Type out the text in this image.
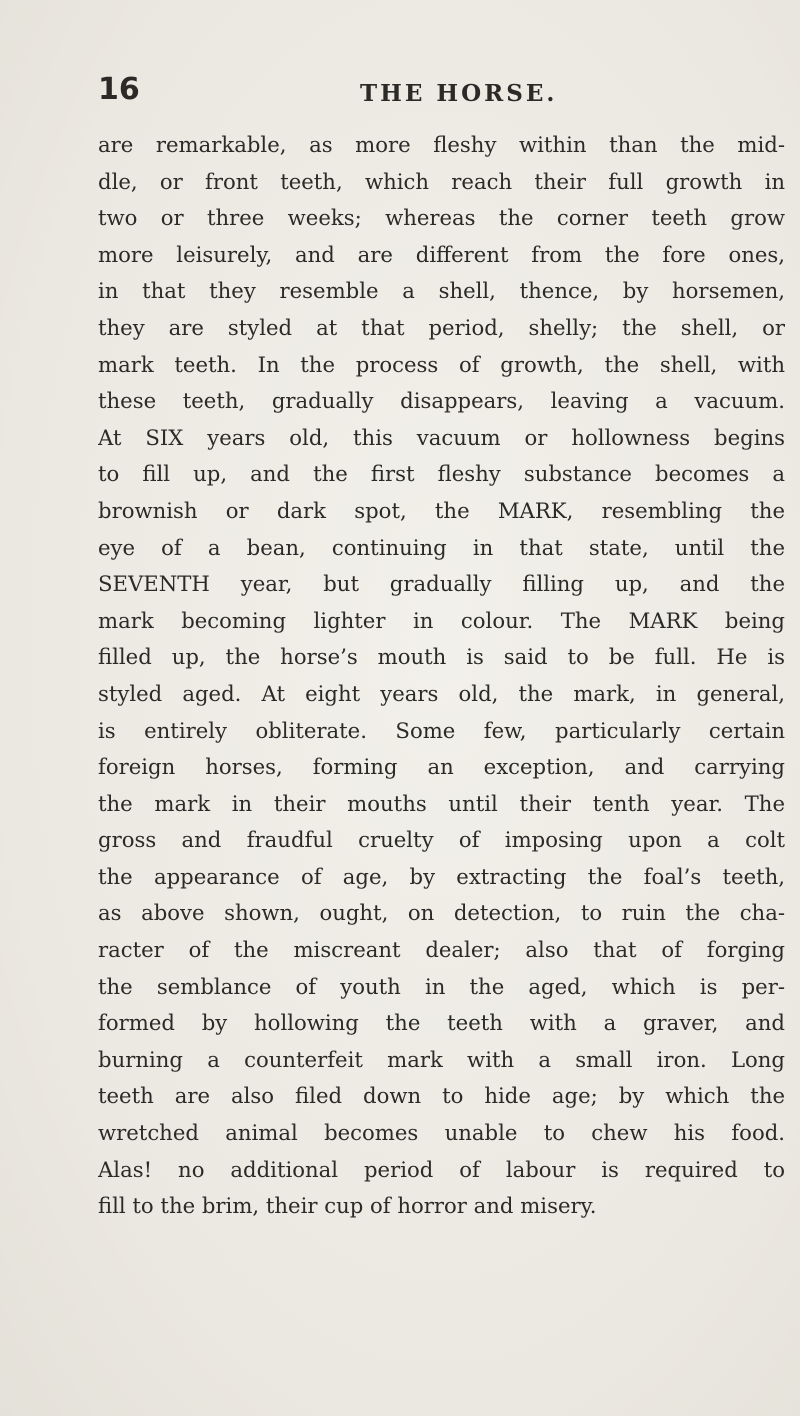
16	THE HORSE.
are remarkable, as more fleshy within than the mid-
dle, or front teeth, which reach their full growth in
two or three weeks; whereas the corner teeth grow
more leisurely, and are different from the fore ones,
in that they resemble a shell, thence, by horsemen,
they are styled at that period, shelly; the shell, or
mark teeth. In the process of growth, the shell, with
these teeth, gradually disappears, leaving a vacuum.
At SIX years old, this vacuum or hollowness begins
to fill up, and the first fleshy substance becomes a
brownish or dark spot, the MARK, resembling the
eye of a bean, continuing in that state, until the
SEVENTH year, but gradually filling up, and the
mark becoming lighter in colour. The MARK being
filled up, the horse’s mouth is said to be full. He is
styled aged. At eight years old, the mark, in general,
is entirely obliterate. Some few, particularly certain
foreign horses, forming an exception, and carrying
the mark in their mouths until their tenth year. The
gross and fraudful cruelty of imposing upon a colt
the appearance of age, by extracting the foal’s teeth,
as above shown, ought, on detection, to ruin the cha-
racter of the miscreant dealer; also that of forging
the semblance of youth in the aged, which is per-
formed by hollowing the teeth with a graver, and
burning a counterfeit mark with a small iron. Long
teeth are also filed down to hide age; by which the
wretched animal becomes unable to chew his food.
Alas! no additional period of labour is required to
fill to the brim, their cup of horror and misery.
